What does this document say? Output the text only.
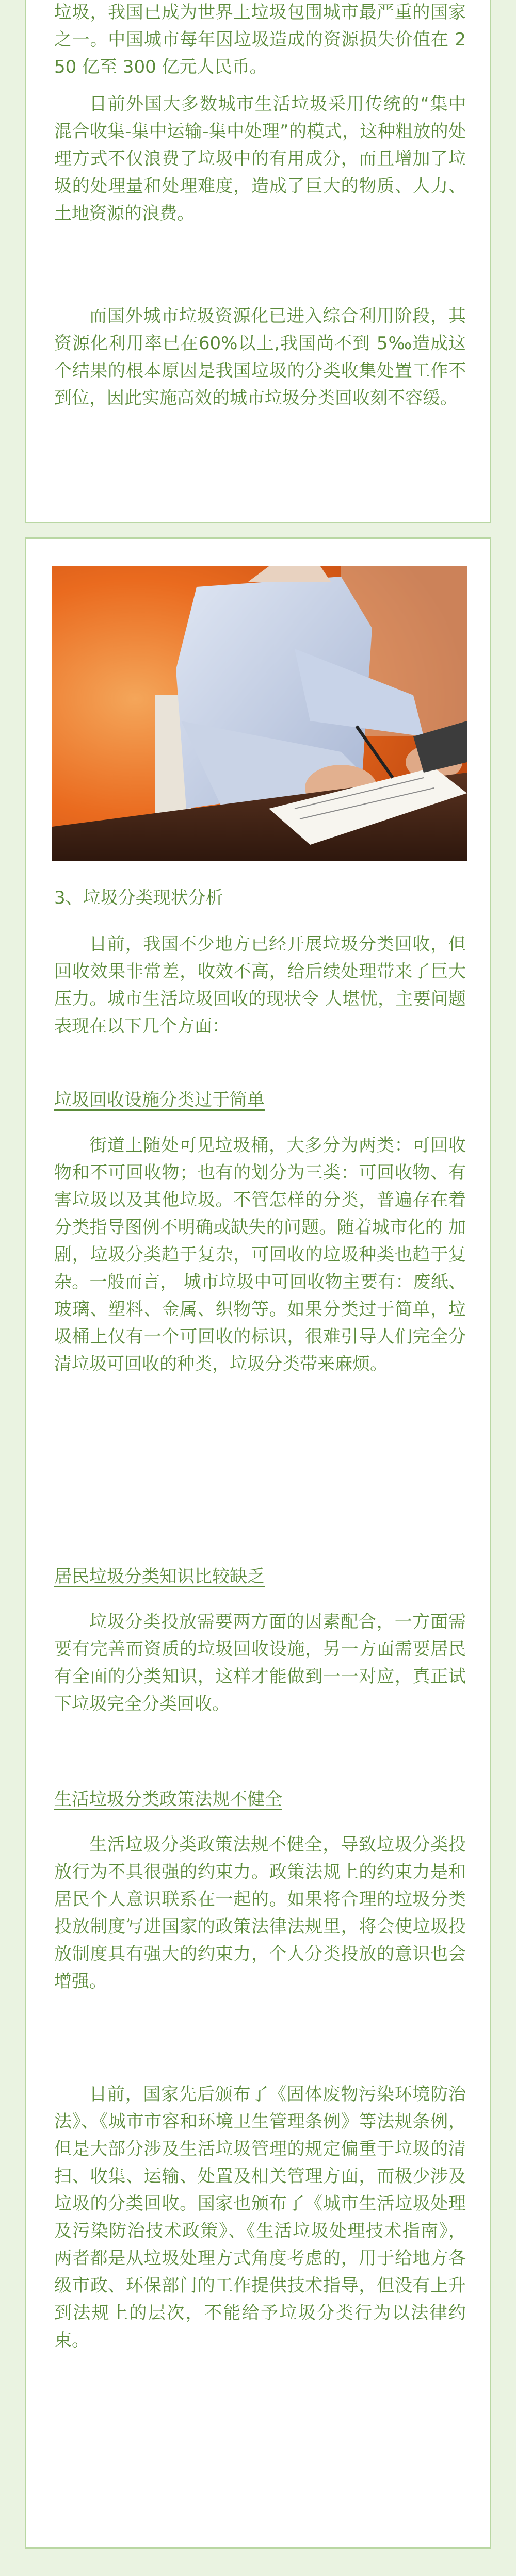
垃圾，我国已成为世界上垃圾包围城市最严重的国家之一。中国城市每年因垃圾造成的资源损失价值在 250 亿至 300 亿元人民币。

目前外国大多数城市生活垃圾采用传统的“集中混合收集-集中运输-集中处理”的模式，这种粗放的处理方式不仅浪费了垃圾中的有用成分，而且增加了垃圾的处理量和处理难度，造成了巨大的物质、人力、土地资源的浪费。

而国外城市垃圾资源化已进入综合利用阶段，其资源化利用率已在60%以上,我国尚不到 5‰造成这个结果的根本原因是我国垃圾的分类收集处置工作不到位，因此实施高效的城市垃圾分类回收刻不容缓。

3、垃圾分类现状分析

目前，我国不少地方已经开展垃圾分类回收，但回收效果非常差，收效不高，给后续处理带来了巨大压力。城市生活垃圾回收的现状令 人堪忧，主要问题表现在以下几个方面：

垃圾回收设施分类过于简单

街道上随处可见垃圾桶，大多分为两类：可回收物和不可回收物；也有的划分为三类：可回收物、有害垃圾以及其他垃圾。不管怎样的分类，普遍存在着分类指导图例不明确或缺失的问题。随着城市化的 加剧，垃圾分类趋于复杂，可回收的垃圾种类也趋于复杂。一般而言， 城市垃圾中可回收物主要有：废纸、玻璃、塑料、金属、织物等。如果分类过于简单，垃圾桶上仅有一个可回收的标识，很难引导人们完全分清垃圾可回收的种类，垃圾分类带来麻烦。

居民垃圾分类知识比较缺乏

垃圾分类投放需要两方面的因素配合，一方面需要有完善而资质的垃圾回收设施，另一方面需要居民有全面的分类知识，这样才能做到一一对应，真正试下垃圾完全分类回收。

生活垃圾分类政策法规不健全

生活垃圾分类政策法规不健全，导致垃圾分类投放行为不具很强的约束力。政策法规上的约束力是和居民个人意识联系在一起的。如果将合理的垃圾分类投放制度写进国家的政策法律法规里，将会使垃圾投放制度具有强大的约束力，个人分类投放的意识也会增强。

目前，国家先后颁布了《固体废物污染环境防治法》、《城市市容和环境卫生管理条例》等法规条例，但是大部分涉及生活垃圾管理的规定偏重于垃圾的清扫、收集、运输、处置及相关管理方面，而极少涉及垃圾的分类回收。国家也颁布了《城市生活垃圾处理及污染防治技术政策》、《生活垃圾处理技术指南》，两者都是从垃圾处理方式角度考虑的，用于给地方各级市政、环保部门的工作提供技术指导，但没有上升到法规上的层次，不能给予垃圾分类行为以法律约束。
